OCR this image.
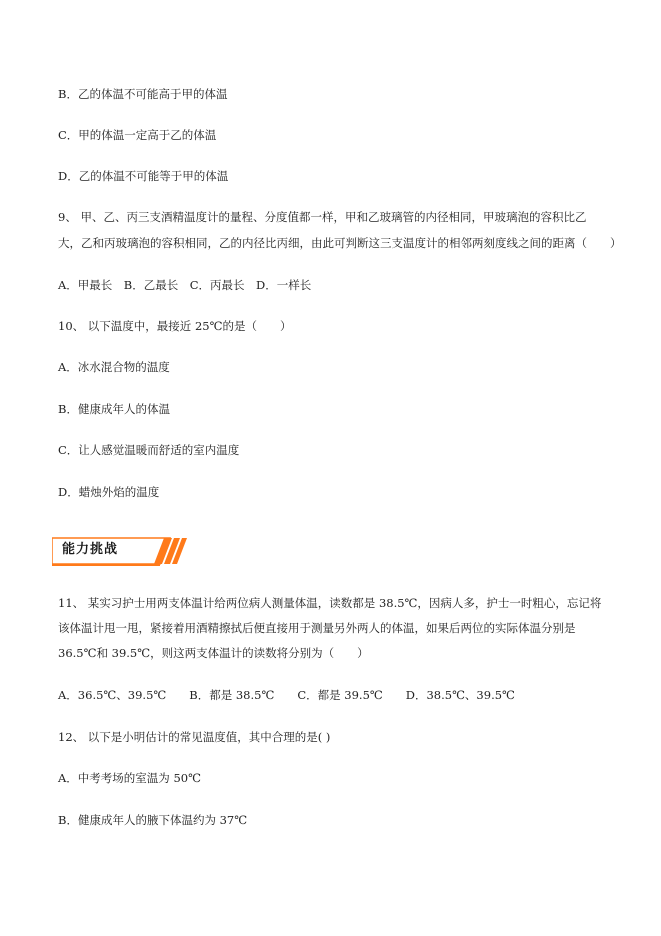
B．乙的体温不可能高于甲的体温
C．甲的体温一定高于乙的体温
D．乙的体温不可能等于甲的体温
9、 甲、乙、丙三支酒精温度计的量程、分度值都一样，甲和乙玻璃管的内径相同，甲玻璃泡的容积比乙
大，乙和丙玻璃泡的容积相同，乙的内径比丙细，由此可判断这三支温度计的相邻两刻度线之间的距离（　　）
A．甲最长　B．乙最长　C．丙最长　D．一样长
10、 以下温度中，最接近 25℃的是（　　）
A．冰水混合物的温度
B．健康成年人的体温
C．让人感觉温暖而舒适的室内温度
D．蜡烛外焰的温度
能力挑战
11、 某实习护士用两支体温计给两位病人测量体温，读数都是 38.5℃，因病人多，护士一时粗心，忘记将
该体温计甩一甩，紧接着用酒精擦拭后便直接用于测量另外两人的体温，如果后两位的实际体温分别是
36.5℃和 39.5℃，则这两支体温计的读数将分别为（　　）
A．36.5℃、39.5℃　　B．都是 38.5℃　　C．都是 39.5℃　　D．38.5℃、39.5℃
12、 以下是小明估计的常见温度值，其中合理的是( )
A．中考考场的室温为 50℃
B．健康成年人的腋下体温约为 37℃
